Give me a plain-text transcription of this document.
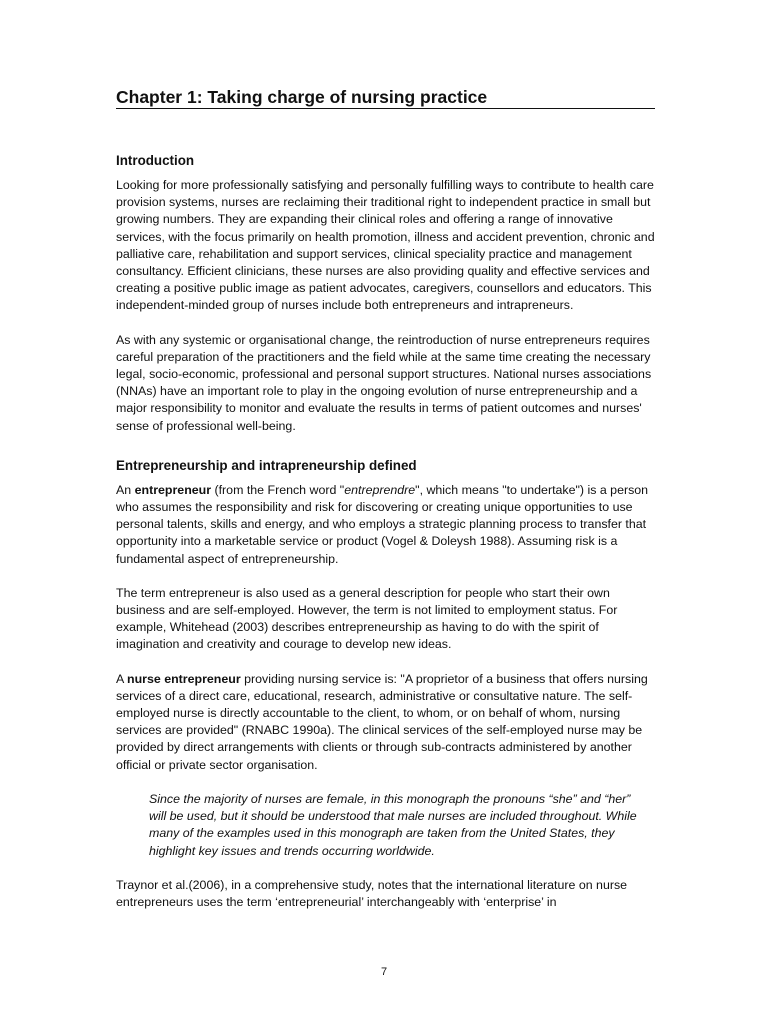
Chapter 1: Taking charge of nursing practice
Introduction

Looking for more professionally satisfying and personally fulfilling ways to contribute to health care provision systems, nurses are reclaiming their traditional right to independent practice in small but growing numbers. They are expanding their clinical roles and offering a range of innovative services, with the focus primarily on health promotion, illness and accident prevention, chronic and palliative care, rehabilitation and support services, clinical speciality practice and management consultancy. Efficient clinicians, these nurses are also providing quality and effective services and creating a positive public image as patient advocates, caregivers, counsellors and educators. This independent-minded group of nurses include both entrepreneurs and intrapreneurs.

As with any systemic or organisational change, the reintroduction of nurse entrepreneurs requires careful preparation of the practitioners and the field while at the same time creating the necessary legal, socio-economic, professional and personal support structures. National nurses associations (NNAs) have an important role to play in the ongoing evolution of nurse entrepreneurship and a major responsibility to monitor and evaluate the results in terms of patient outcomes and nurses' sense of professional well-being.

Entrepreneurship and intrapreneurship defined

An entrepreneur (from the French word "entreprendre", which means "to undertake") is a person who assumes the responsibility and risk for discovering or creating unique opportunities to use personal talents, skills and energy, and who employs a strategic planning process to transfer that opportunity into a marketable service or product (Vogel & Doleysh 1988). Assuming risk is a fundamental aspect of entrepreneurship.

The term entrepreneur is also used as a general description for people who start their own business and are self-employed. However, the term is not limited to employment status. For example, Whitehead (2003) describes entrepreneurship as having to do with the spirit of imagination and creativity and courage to develop new ideas.

A nurse entrepreneur providing nursing service is: "A proprietor of a business that offers nursing services of a direct care, educational, research, administrative or consultative nature. The self-employed nurse is directly accountable to the client, to whom, or on behalf of whom, nursing services are provided" (RNABC 1990a). The clinical services of the self-employed nurse may be provided by direct arrangements with clients or through sub-contracts administered by another official or private sector organisation.

Since the majority of nurses are female, in this monograph the pronouns “she” and “her” will be used, but it should be understood that male nurses are included throughout. While many of the examples used in this monograph are taken from the United States, they highlight key issues and trends occurring worldwide.

Traynor et al.(2006), in a comprehensive study, notes that the international literature on nurse entrepreneurs uses the term ‘entrepreneurial’ interchangeably with ‘enterprise’ in

7
